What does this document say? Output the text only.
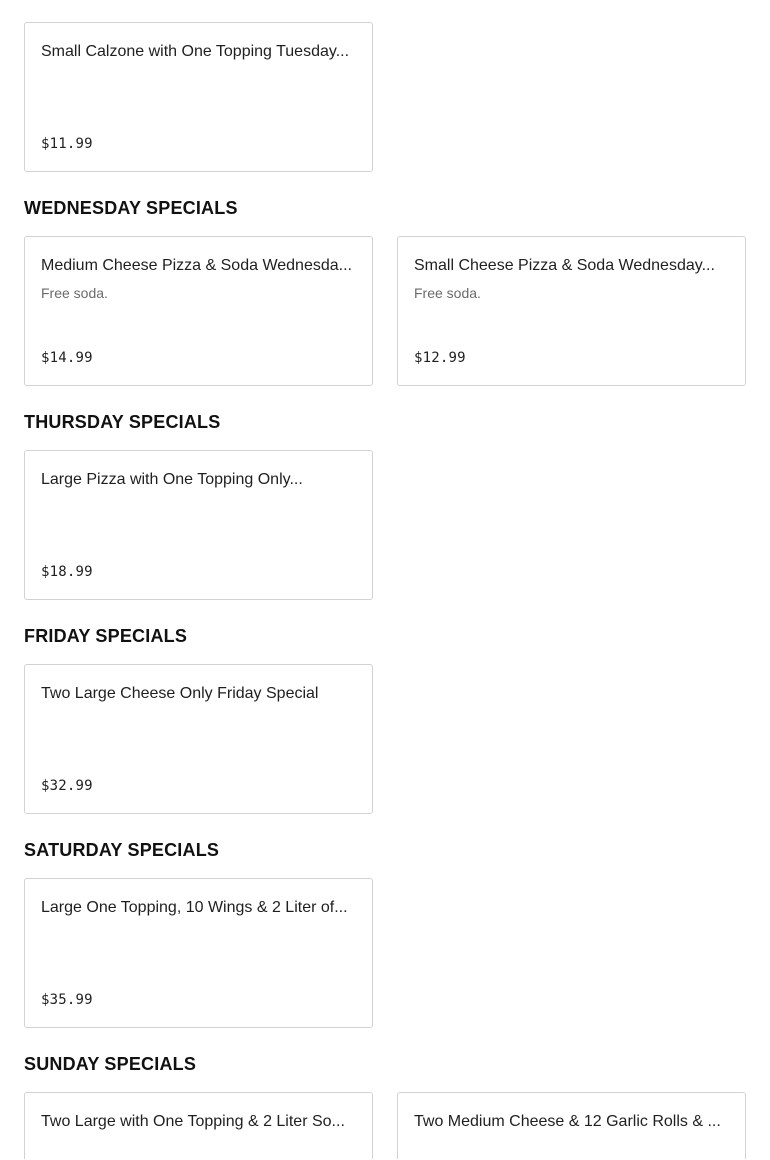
Small Calzone with One Topping Tuesday...
$11.99
WEDNESDAY SPECIALS
Medium Cheese Pizza & Soda Wednesda...
Free soda.
$14.99
Small Cheese Pizza & Soda Wednesday...
Free soda.
$12.99
THURSDAY SPECIALS
Large Pizza with One Topping Only...
$18.99
FRIDAY SPECIALS
Two Large Cheese Only Friday Special
$32.99
SATURDAY SPECIALS
Large One Topping, 10 Wings & 2 Liter of...
$35.99
SUNDAY SPECIALS
Two Large with One Topping & 2 Liter So...	Two Medium Cheese & 12 Garlic Rolls & ...
